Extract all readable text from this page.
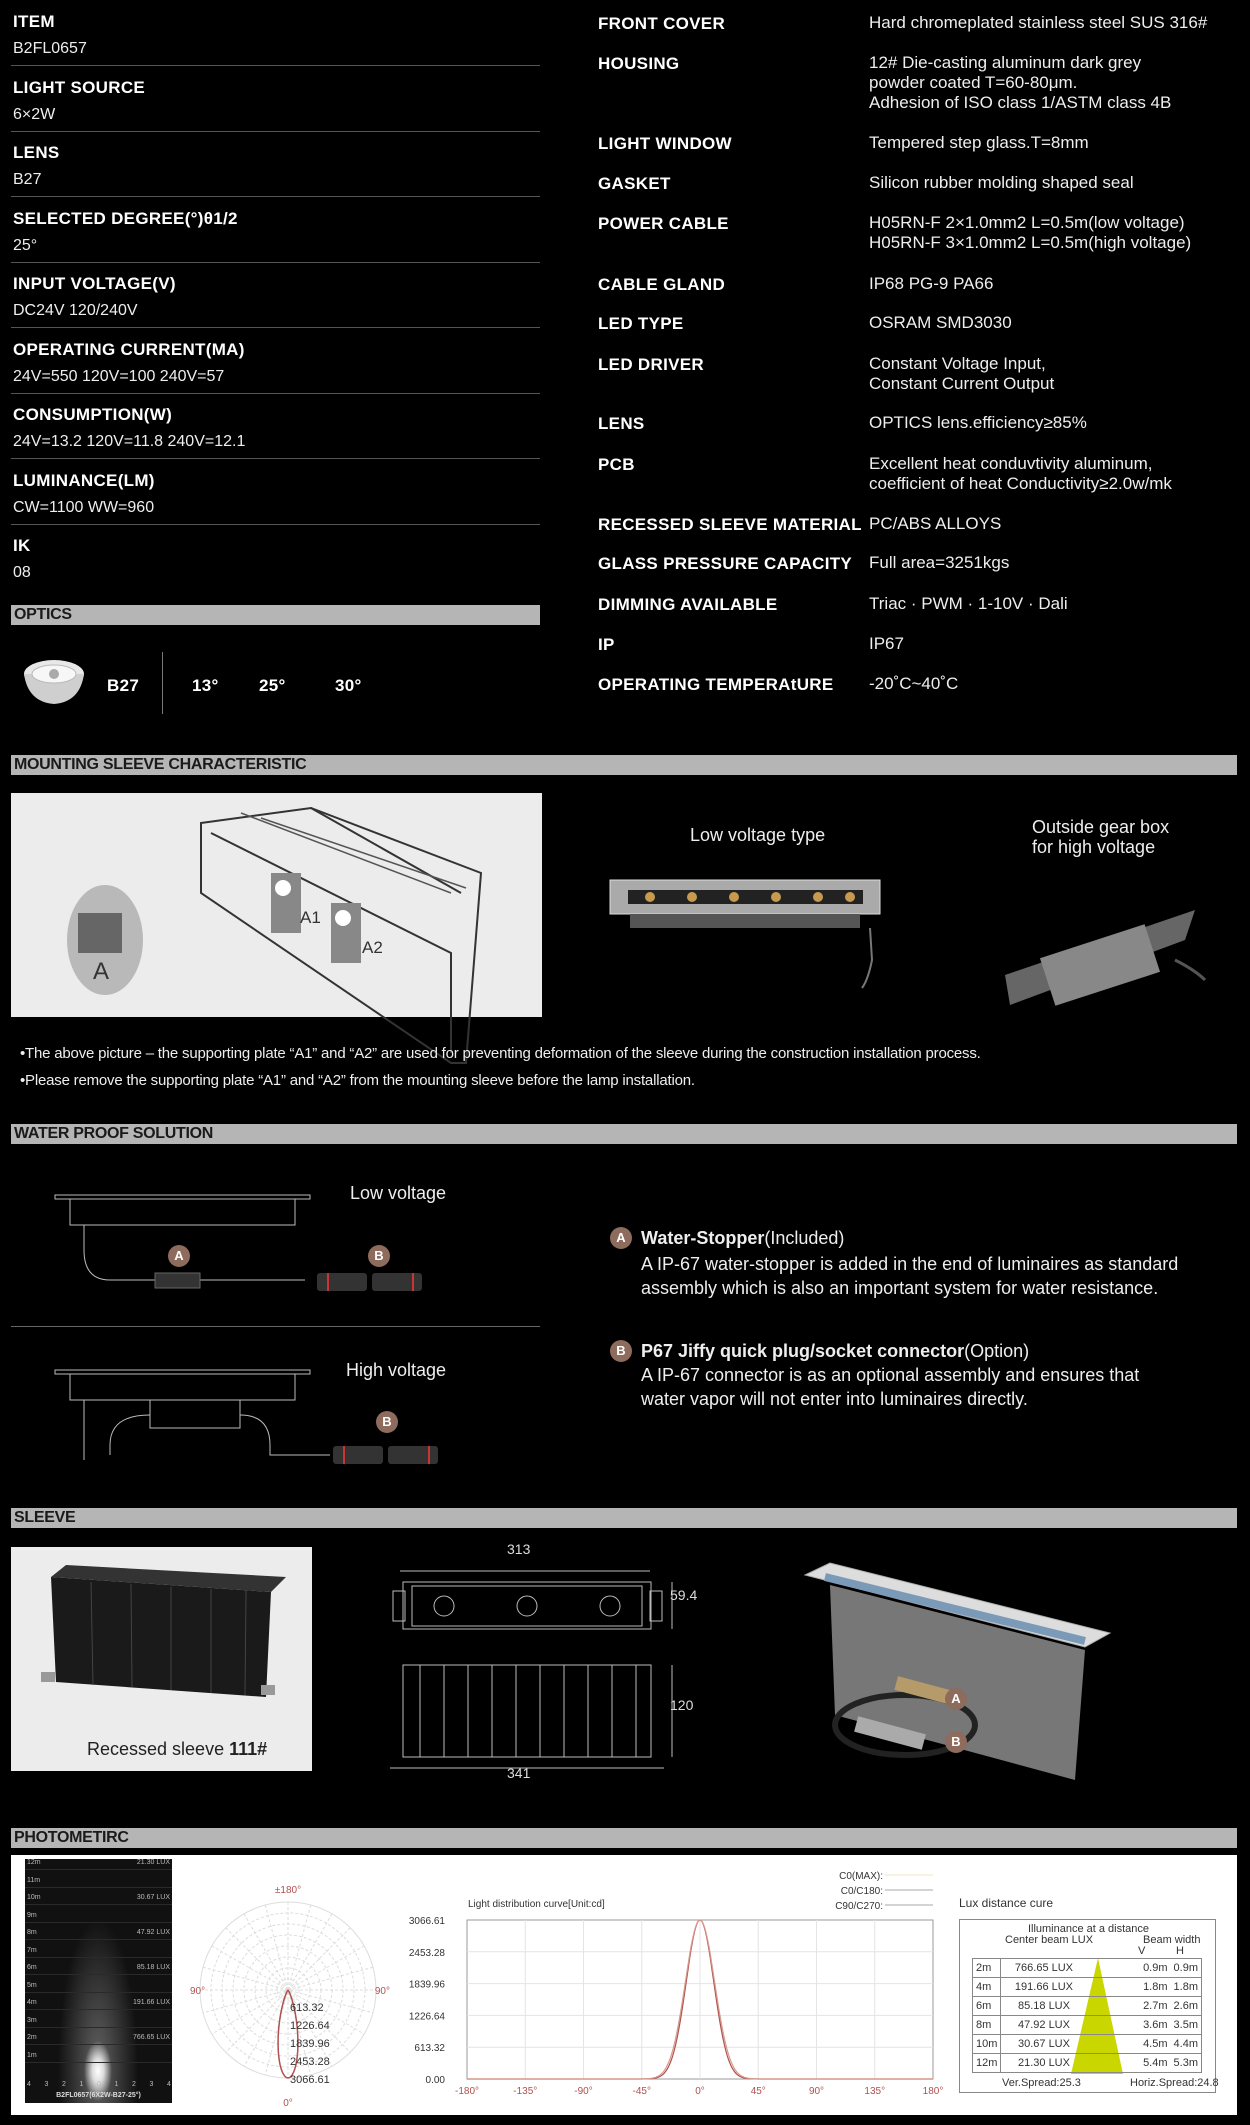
ITEM
B2FL0657
LIGHT SOURCE
6×2W
LENS
B27
SELECTED DEGREE(°)θ1/2
25°
INPUT VOLTAGE(V)
DC24V 120/240V
OPERATING CURRENT(MA)
24V=550 120V=100 240V=57
CONSUMPTION(W)
24V=13.2 120V=11.8 240V=12.1
LUMINANCE(LM)
CW=1100 WW=960
IK
08
FRONT COVER	Hard chromeplated stainless steel SUS 316#
HOUSING	12# Die-casting aluminum dark grey
powder coated T=60-80μm.
Adhesion of ISO class 1/ASTM class 4B
LIGHT WINDOW	Tempered step glass.T=8mm
GASKET	Silicon rubber molding shaped seal
POWER CABLE	H05RN-F 2×1.0mm2 L=0.5m(low voltage)
H05RN-F 3×1.0mm2 L=0.5m(high voltage)
CABLE GLAND	IP68 PG-9 PA66
LED TYPE	OSRAM SMD3030
LED DRIVER	Constant Voltage Input,
Constant Current Output
LENS	OPTICS lens.efficiency≥85%
PCB	Excellent heat conduvtivity aluminum,
coefficient of heat Conductivity≥2.0w/mk
RECESSED SLEEVE MATERIAL PC/ABS ALLOYS
GLASS PRESSURE CAPACITY Full area=3251kgs
DIMMING AVAILABLE	Triac · PWM · 1-10V · Dali
IP	IP67
OPERATING TEMPERAtURE -20˚C~40˚C
OPTICS
B27	13° 25°	30°
MOUNTING SLEEVE CHARACTERISTIC
A
A1
A2
Low voltage type	Outside gear box
for high voltage
•The above picture – the supporting plate “A1” and “A2” are used for preventing deformation of the sleeve during the construction installation process.
•Please remove the supporting plate “A1” and “A2” from the mounting sleeve before the lamp installation.
WATER PROOF SOLUTION
Low voltage
A	B
High voltage
B
A Water-Stopper(Included)
A IP-67 water-stopper is added in the end of luminaires as standard
assembly which is also an important system for water resistance.
B P67 Jiffy quick plug/socket connector(Option)
A IP-67 connector is as an optional assembly and ensures that
water vapor will not enter into luminaires directly.
SLEEVE
Recessed sleeve 111#
313
59.4
120
341
A
B
PHOTOMETIRC
12m	21.30 LUX
11m
10m	30.67 LUX
9m
8m	47.92 LUX
7m
6m	85.18 LUX
5m
4m	191.66 LUX
3m
2m	766.65 LUX
1m
4 3 2 1 0 1 2 3 4
B2FL0657(6X2W-B27-25°)
±180°
0°
90°	90°
613.32
1226.64
1839.96
2453.28
3066.61
Light distribution curve[Unit:cd]
C0(MAX):
C0/C180:
C90/C270:
3066.61
2453.28
1839.96
1226.64
613.32
0.00
-180°	-135°	-90°	-45°	0°	45°	90°	135°	180°
Lux distance cure
Illuminance at a distance
Center beam LUX	Beam width
V	H
2m	766.65 LUX		0.9m	0.9m
4m	191.66 LUX		1.8m	1.8m
6m	85.18 LUX		2.7m	2.6m
8m	47.92 LUX		3.6m	3.5m
10m	30.67 LUX		4.5m	4.4m
12m	21.30 LUX		5.4m	5.3m
Ver.Spread:25.3	Horiz.Spread:24.8
